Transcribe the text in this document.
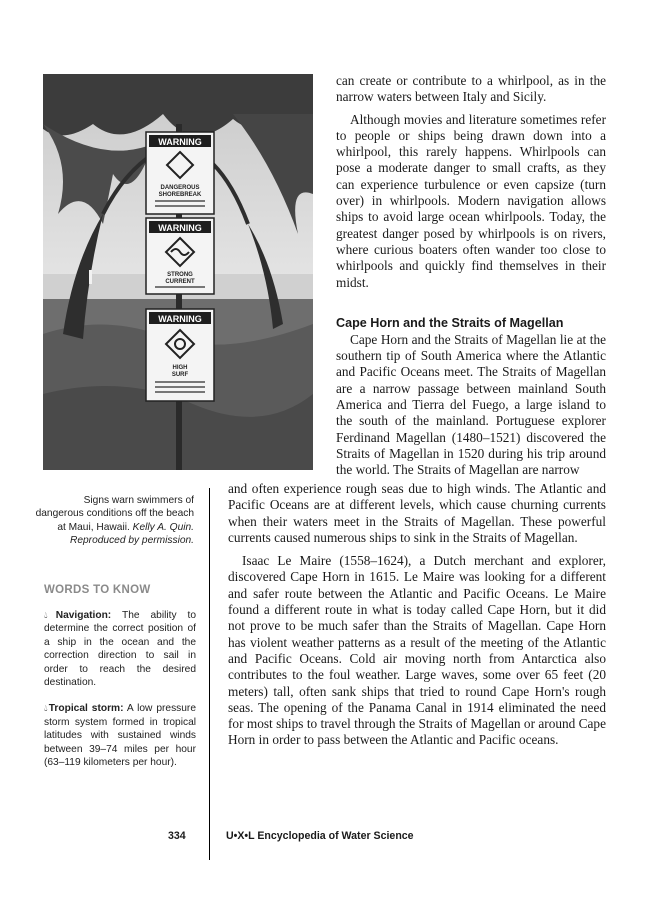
WARNING
DANGEROUS
SHOREBREAK
WARNING
STRONG
CURRENT
WARNING
HIGH
SURF
Signs warn swimmers of dangerous conditions off the beach at Maui, Hawaii. Kelly A. Quin. Reproduced by permission.
WORDS TO KNOW
💧︎Navigation: The ability to determine the correct position of a ship in the ocean and the correction direction to sail in order to reach the desired destination.
💧︎Tropical storm: A low pressure storm system formed in tropical latitudes with sustained winds between 39–74 miles per hour (63–119 kilometers per hour).

can create or contribute to a whirlpool, as in the narrow waters between Italy and Sicily.

Although movies and literature sometimes refer to people or ships being drawn down into a whirlpool, this rarely happens. Whirlpools can pose a moderate danger to small crafts, as they can experience turbulence or even capsize (turn over) in whirlpools. Modern navigation allows ships to avoid large ocean whirlpools. Today, the greatest danger posed by whirlpools is on rivers, where curious boaters often wander too close to whirlpools and quickly find themselves in their midst.

Cape Horn and the Straits of Magellan

Cape Horn and the Straits of Magellan lie at the southern tip of South America where the Atlantic and Pacific Oceans meet. The Straits of Magellan are a narrow passage between mainland South America and Tierra del Fuego, a large island to the south of the mainland. Portuguese explorer Ferdinand Magellan (1480–1521) discovered the Straits of Magellan in 1520 during his trip around the world. The Straits of Magellan are narrow

and often experience rough seas due to high winds. The Atlantic and Pacific Oceans are at different levels, which cause churning currents when their waters meet in the Straits of Magellan. These powerful currents caused numerous ships to sink in the Straits of Magellan.

Isaac Le Maire (1558–1624), a Dutch merchant and explorer, discovered Cape Horn in 1615. Le Maire was looking for a different and safer route between the Atlantic and Pacific Oceans. Le Maire found a different route in what is today called Cape Horn, but it did not prove to be much safer than the Straits of Magellan. Cape Horn has violent weather patterns as a result of the meeting of the Atlantic and Pacific Oceans. Cold air moving north from Antarctica also contributes to the foul weather. Large waves, some over 65 feet (20 meters) tall, often sank ships that tried to round Cape Horn's rough seas. The opening of the Panama Canal in 1914 eliminated the need for most ships to travel through the Straits of Magellan or around Cape Horn in order to pass between the Atlantic and Pacific oceans.

334	U•X•L Encyclopedia of Water Science
